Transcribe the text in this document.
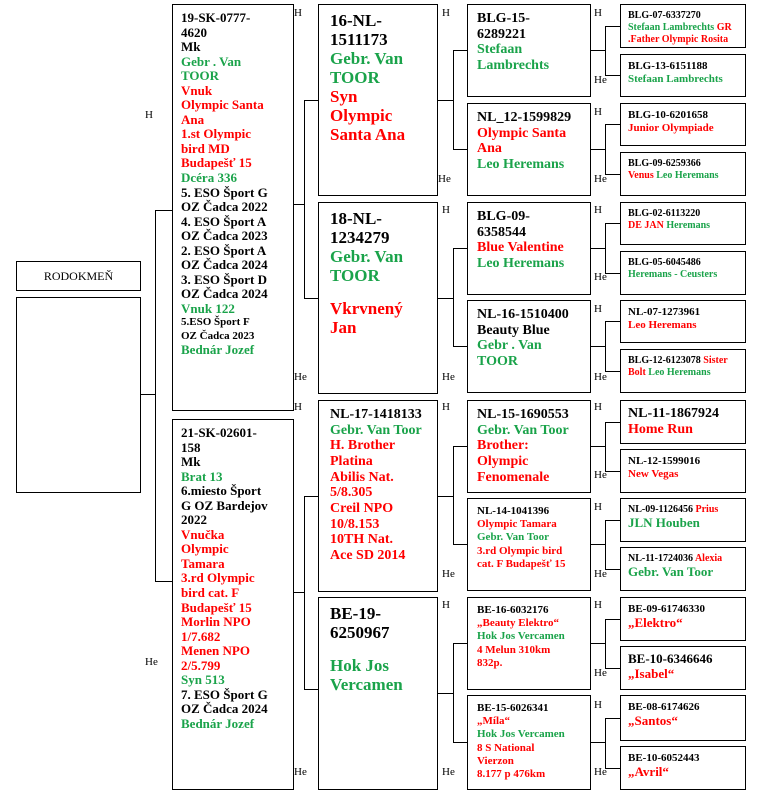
RODOKMEŇ
19-SK-0777-
4620
Mk
Gebr . Van
TOOR
Vnuk
Olympic Santa
Ana
1.st Olympic
bird MD
Budapešť 15
Dcéra 336
5. ESO Šport G
OZ Čadca 2022
4. ESO Šport A
OZ Čadca 2023
2. ESO Šport A
OZ Čadca 2024
3. ESO Šport D
OZ Čadca 2024
Vnuk 122
5.ESO Šport F
OZ Čadca 2023
Bednár Jozef
21-SK-02601-
158
Mk
Brat 13
6.miesto Šport
G OZ Bardejov
2022
Vnučka
Olympic
Tamara
3.rd Olympic
bird cat. F
Budapešť 15
Morlin NPO
1/7.682
Menen NPO
2/5.799
Syn 513
7. ESO Šport G
OZ Čadca 2024
Bednár Jozef
16-NL-
1511173
Gebr. Van
TOOR
Syn
Olympic
Santa Ana
18-NL-
1234279
Gebr. Van
TOOR
Vkrvnený
Jan
NL-17-1418133
Gebr. Van Toor
H. Brother
Platina
Abilis Nat.
5/8.305
Creil NPO
10/8.153
10TH Nat.
Ace SD 2014
BE-19-
6250967
Hok Jos
Vercamen
BLG-15-
6289221
Stefaan
Lambrechts
NL_12-1599829
Olympic Santa
Ana
Leo Heremans
BLG-09-
6358544
Blue Valentine
Leo Heremans
NL-16-1510400
Beauty Blue
Gebr . Van
TOOR
NL-15-1690553
Gebr. Van Toor
Brother:
Olympic
Fenomenale
NL-14-1041396
Olympic Tamara
Gebr. Van Toor
3.rd Olympic bird
cat. F Budapešť 15
BE-16-6032176
„Beauty Elektro“
Hok Jos Vercamen
4 Melun 310km
832p.
BE-15-6026341
„Míla“
Hok Jos Vercamen
8 S National
Vierzon
8.177 p 476km
BLG-07-6337270
Stefaan Lambrechts GR
.Father Olympic Rosita
BLG-13-6151188
Stefaan Lambrechts
BLG-10-6201658
Junior Olympiade
BLG-09-6259366
Venus Leo Heremans
BLG-02-6113220
DE JAN Heremans
BLG-05-6045486
Heremans - Ceusters
NL-07-1273961
Leo Heremans
BLG-12-6123078 Sister
Bolt Leo Heremans
NL-11-1867924
Home Run
NL-12-1599016
New Vegas
NL-09-1126456 Prius
JLN Houben
NL-11-1724036 Alexia
Gebr. Van Toor
BE-09-61746330
„Elektro“
BE-10-6346646
„Isabel“
BE-08-6174626
„Santos“
BE-10-6052443
„Avril“
H
He
H
He
H
He
H
He
H
He
H
He
H
He
H
He
H
He
H
He
H
He
H
He
H
He
H
He
H
He
